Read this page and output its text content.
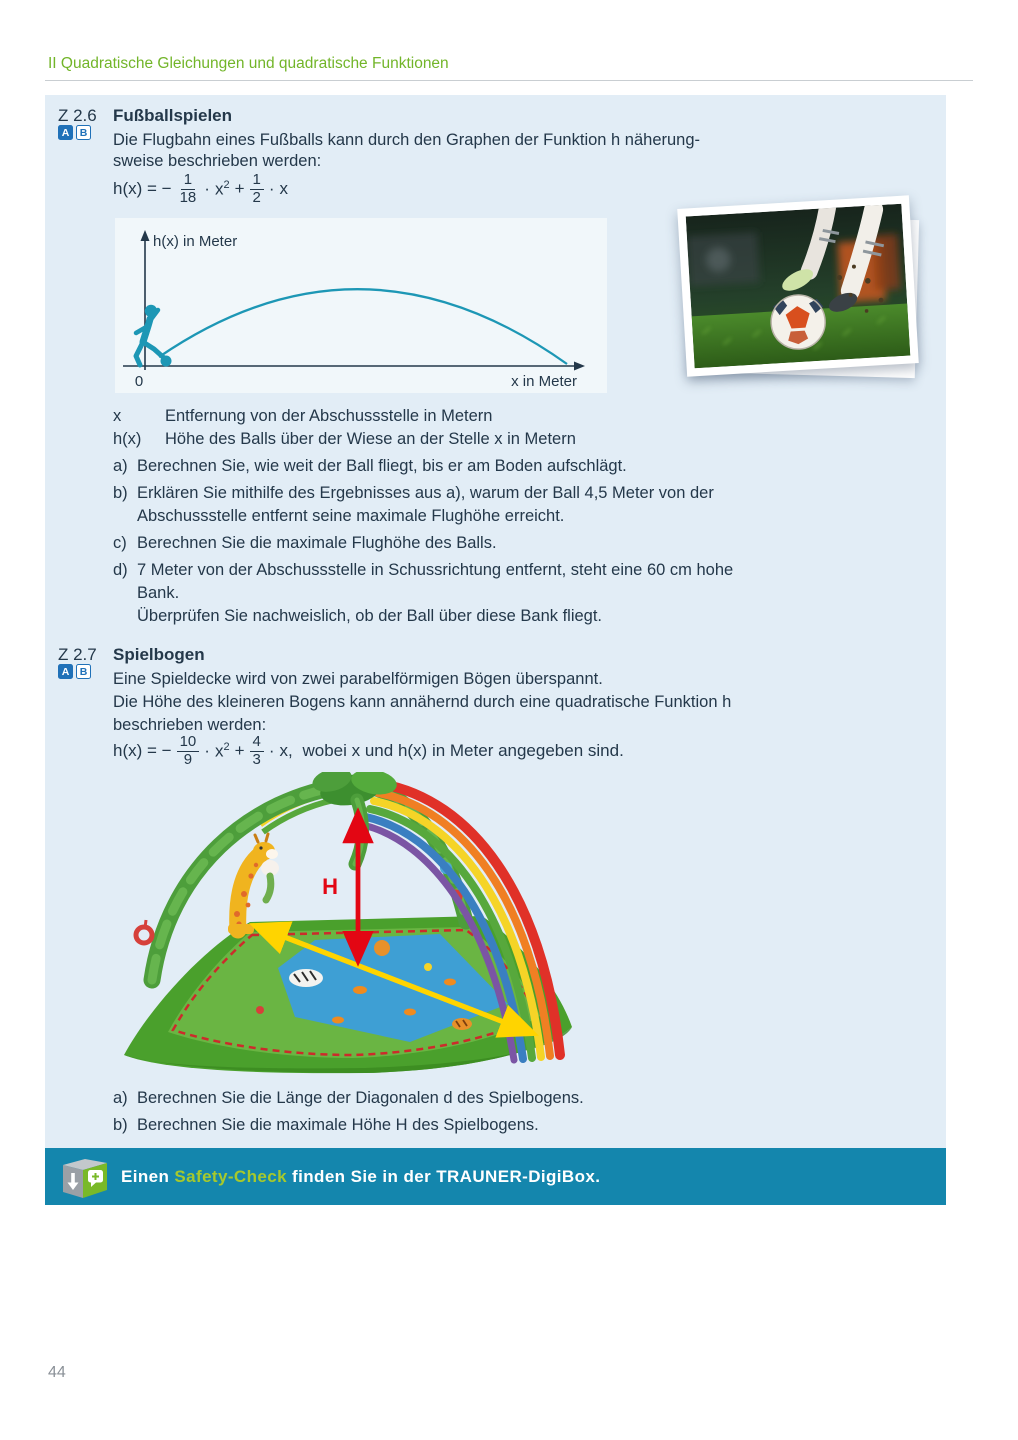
II Quadratische Gleichungen und quadratische Funktionen
Z 2.6 Fußballspielen
A B Die Flugbahn eines Fußballs kann durch den Graphen der Funktion h näherung-
sweise beschrieben werden:
h(x) = − $\frac{1}{18} \cdot x^2 + \frac{1}{2} \cdot x$
h(x) in Meter
0	x in Meter
x	Entfernung von der Abschussstelle in Metern
h(x) Höhe des Balls über der Wiese an der Stelle x in Metern
a) Berechnen Sie, wie weit der Ball fliegt, bis er am Boden aufschlägt.
b) Erklären Sie mithilfe des Ergebnisses aus a), warum der Ball 4,5 Meter von der
Abschussstelle entfernt seine maximale Flughöhe erreicht.
c) Berechnen Sie die maximale Flughöhe des Balls.
d) 7 Meter von der Abschussstelle in Schussrichtung entfernt, steht eine 60 cm hohe
Bank.
Überprüfen Sie nachweislich, ob der Ball über diese Bank fliegt.
Z 2.7 Spielbogen
A B Eine Spieldecke wird von zwei parabelförmigen Bögen überspannt.
Die Höhe des kleineren Bogens kann annähernd durch eine quadratische Funktion h
beschrieben werden:
h(x) = − $\frac{10}{9} \cdot x^2 + \frac{4}{3} \cdot x$, wobei x und h(x) in Meter angegeben sind.
H
a) Berechnen Sie die Länge der Diagonalen d des Spielbogens.
b) Berechnen Sie die maximale Höhe H des Spielbogens.
Einen Safety-Check finden Sie in der TRAUNER-DigiBox.
44
